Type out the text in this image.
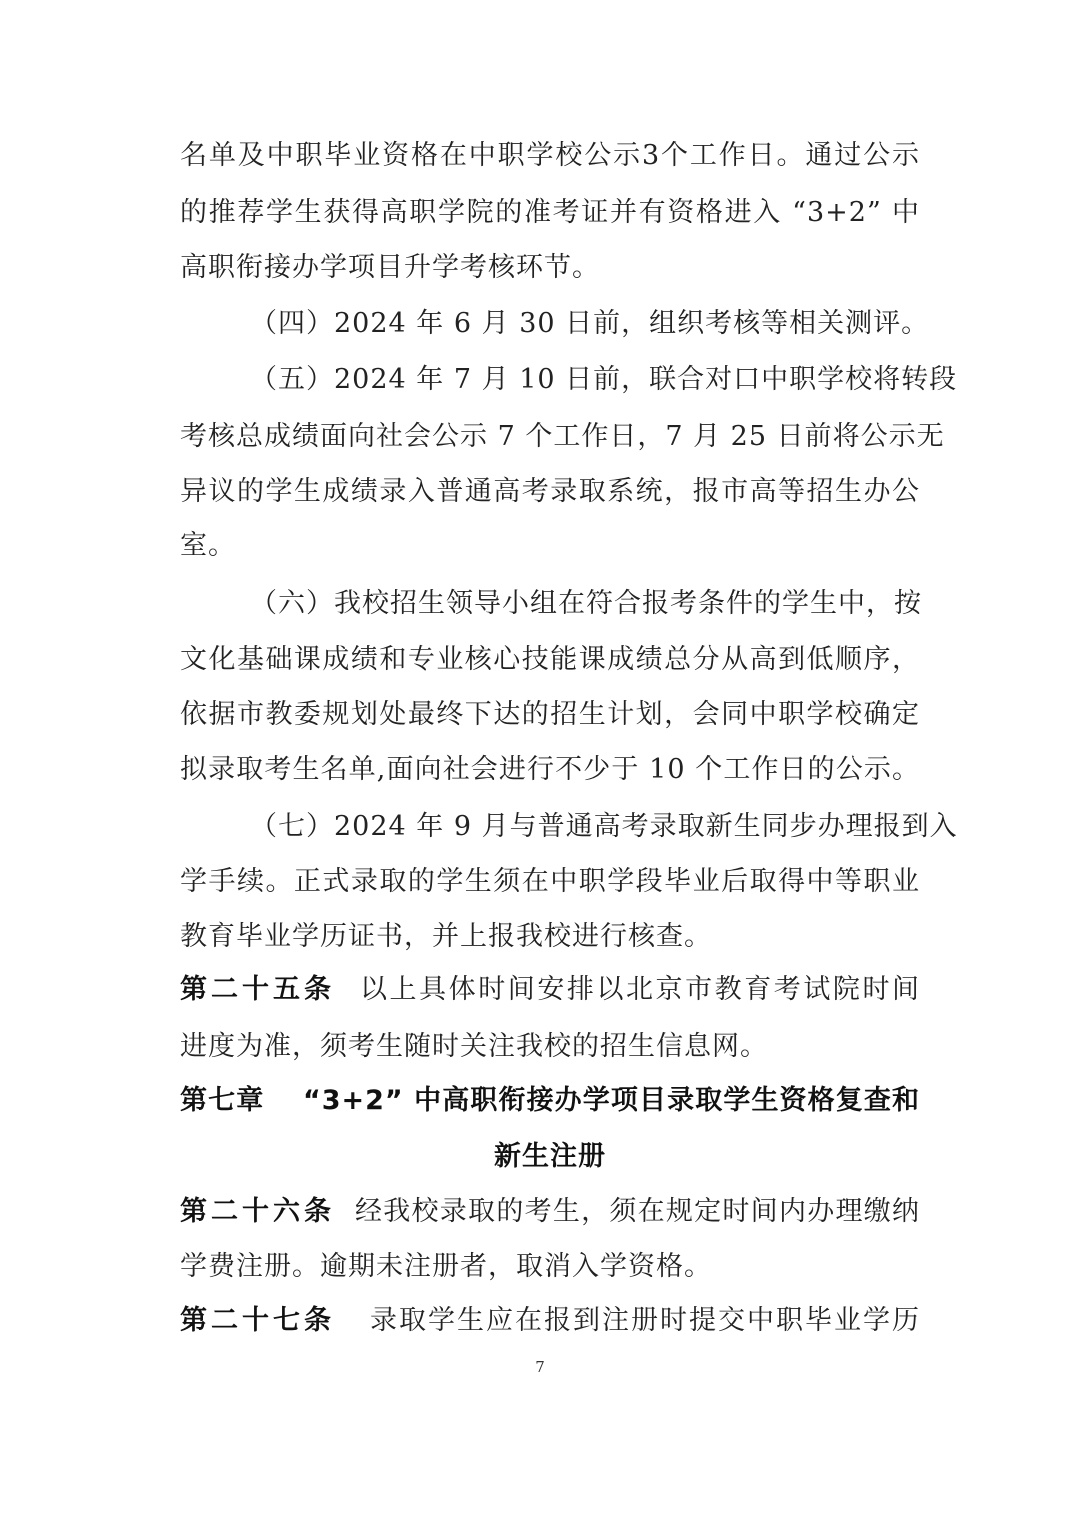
名单及中职毕业资格在中职学校公示3个工作日。通过公示
的推荐学生获得高职学院的准考证并有资格进入 “3+2” 中
高职衔接办学项目升学考核环节。
（四）2024 年 6 月 30 日前，组织考核等相关测评。
（五）2024 年 7 月 10 日前，联合对口中职学校将转段
考核总成绩面向社会公示 7 个工作日，7 月 25 日前将公示无
异议的学生成绩录入普通高考录取系统，报市高等招生办公
室。
（六）我校招生领导小组在符合报考条件的学生中，按
文化基础课成绩和专业核心技能课成绩总分从高到低顺序，
依据市教委规划处最终下达的招生计划，会同中职学校确定
拟录取考生名单,面向社会进行不少于 10 个工作日的公示。
（七）2024 年 9 月与普通高考录取新生同步办理报到入
学手续。正式录取的学生须在中职学段毕业后取得中等职业
教育毕业学历证书，并上报我校进行核查。
第二十五条 以上具体时间安排以北京市教育考试院时间
进度为准，须考生随时关注我校的招生信息网。
第七章　 “3+2” 中高职衔接办学项目录取学生资格复查和
新生注册
第二十六条 经我校录取的考生，须在规定时间内办理缴纳
学费注册。逾期未注册者，取消入学资格。
第二十七条 录取学生应在报到注册时提交中职毕业学历
7
